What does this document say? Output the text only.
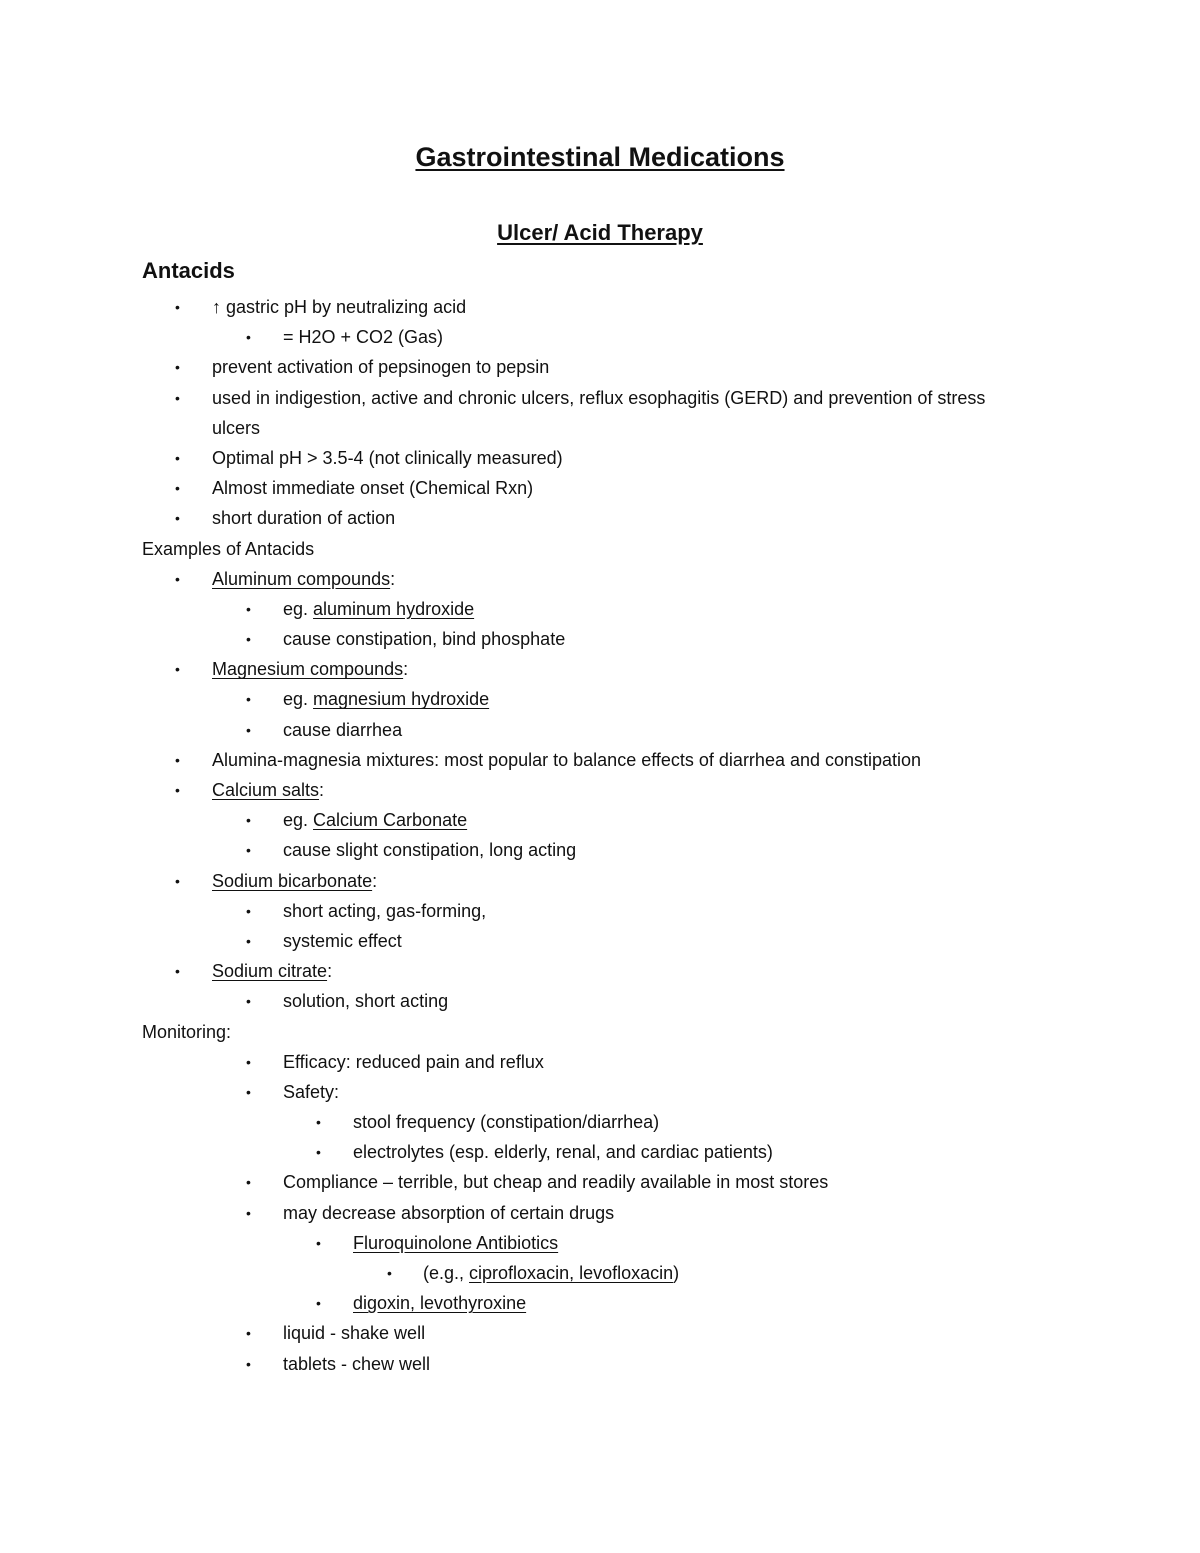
Gastrointestinal Medications
Ulcer/ Acid Therapy
Antacids
• ↑ gastric pH by neutralizing acid
• = H2O + CO2 (Gas)
• prevent activation of pepsinogen to pepsin
• used in indigestion, active and chronic ulcers, reflux esophagitis (GERD) and prevention of stress
ulcers
• Optimal pH > 3.5-4 (not clinically measured)
• Almost immediate onset (Chemical Rxn)
• short duration of action
Examples of Antacids
• Aluminum compounds:
• eg. aluminum hydroxide
• cause constipation, bind phosphate
• Magnesium compounds:
• eg. magnesium hydroxide
• cause diarrhea
• Alumina-magnesia mixtures: most popular to balance effects of diarrhea and constipation
• Calcium salts:
• eg. Calcium Carbonate
• cause slight constipation, long acting
• Sodium bicarbonate:
• short acting, gas-forming,
• systemic effect
• Sodium citrate:
• solution, short acting
Monitoring:
• Efficacy: reduced pain and reflux
• Safety:
• stool frequency (constipation/diarrhea)
• electrolytes (esp. elderly, renal, and cardiac patients)
• Compliance – terrible, but cheap and readily available in most stores
• may decrease absorption of certain drugs
• Fluroquinolone Antibiotics
• (e.g., ciprofloxacin, levofloxacin)
• digoxin, levothyroxine
• liquid - shake well
• tablets - chew well
